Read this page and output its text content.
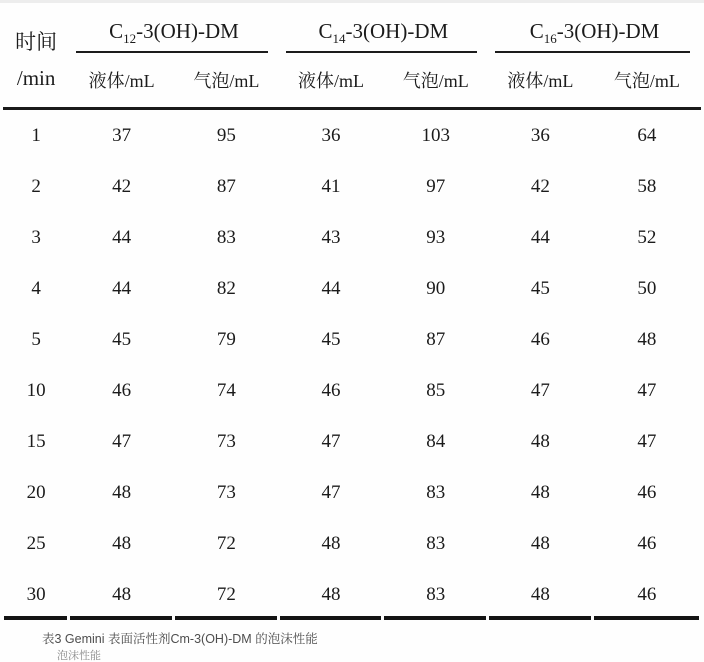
时间
/min	$C_{12}-3(OH)-DM$		$C_{14}-3(OH)-DM$		$C_{16}-3(OH)-DM$	
	液体/mL	气泡/mL	液体/mL	气泡/mL	液体/mL	气泡/mL
1	37	95	36	103	36	64
2	42	87	41	97	42	58
3	44	83	43	93	44	52
4	44	82	44	90	45	50
5	45	79	45	87	46	48
10	46	74	46	85	47	47
15	47	73	47	84	48	47
20	48	73	47	83	48	46
25	48	72	48	83	48	46
30	48	72	48	83	48	46
表3 Gemini 表面活性剂Cm-3(OH)-DM 的泡沫性能
泡沫性能
